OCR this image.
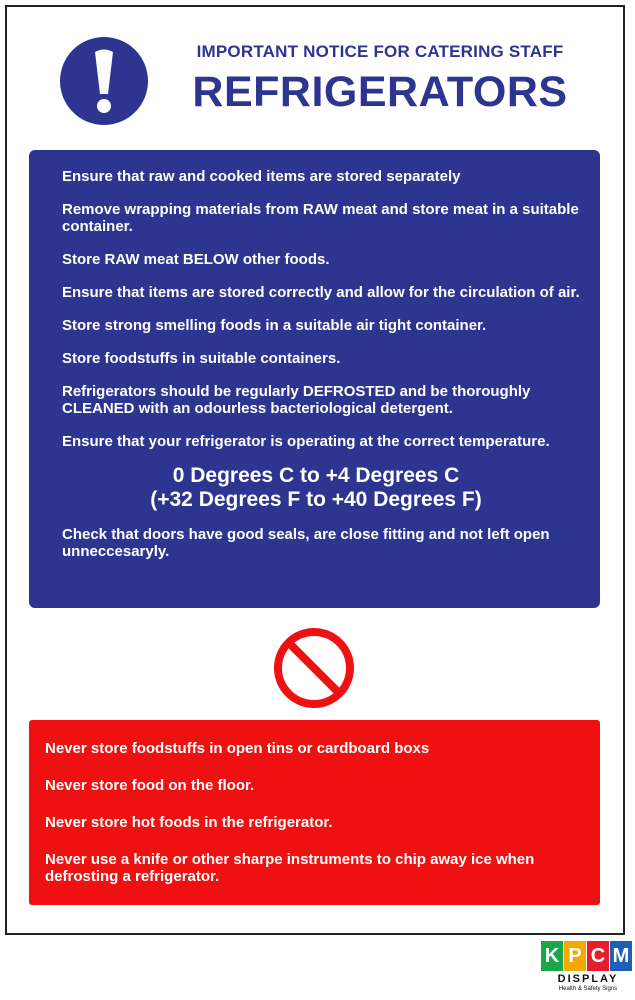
IMPORTANT NOTICE FOR CATERING STAFF
REFRIGERATORS
Ensure that raw and cooked items are stored separately
Remove wrapping materials from RAW meat and store meat in a suitable container.
Store RAW meat BELOW other foods.
Ensure that items are stored correctly and allow for the circulation of air.
Store strong smelling foods in a suitable air tight container.
Store foodstuffs in suitable containers.
Refrigerators should be regularly DEFROSTED and be thoroughly CLEANED with an odourless bacteriological detergent.
Ensure that your refrigerator is operating at the correct temperature.
0 Degrees C to +4 Degrees C
(+32 Degrees F to +40 Degrees F)
Check that doors have good seals, are close fitting and not left open unneccesaryly.
Never store foodstuffs in open tins or cardboard boxs
Never store food on the floor.
Never store hot foods in the refrigerator.
Never use a knife or other sharpe instruments to chip away ice when defrosting a refrigerator.
K P C M
DISPLAY
Health & Safety Signs
